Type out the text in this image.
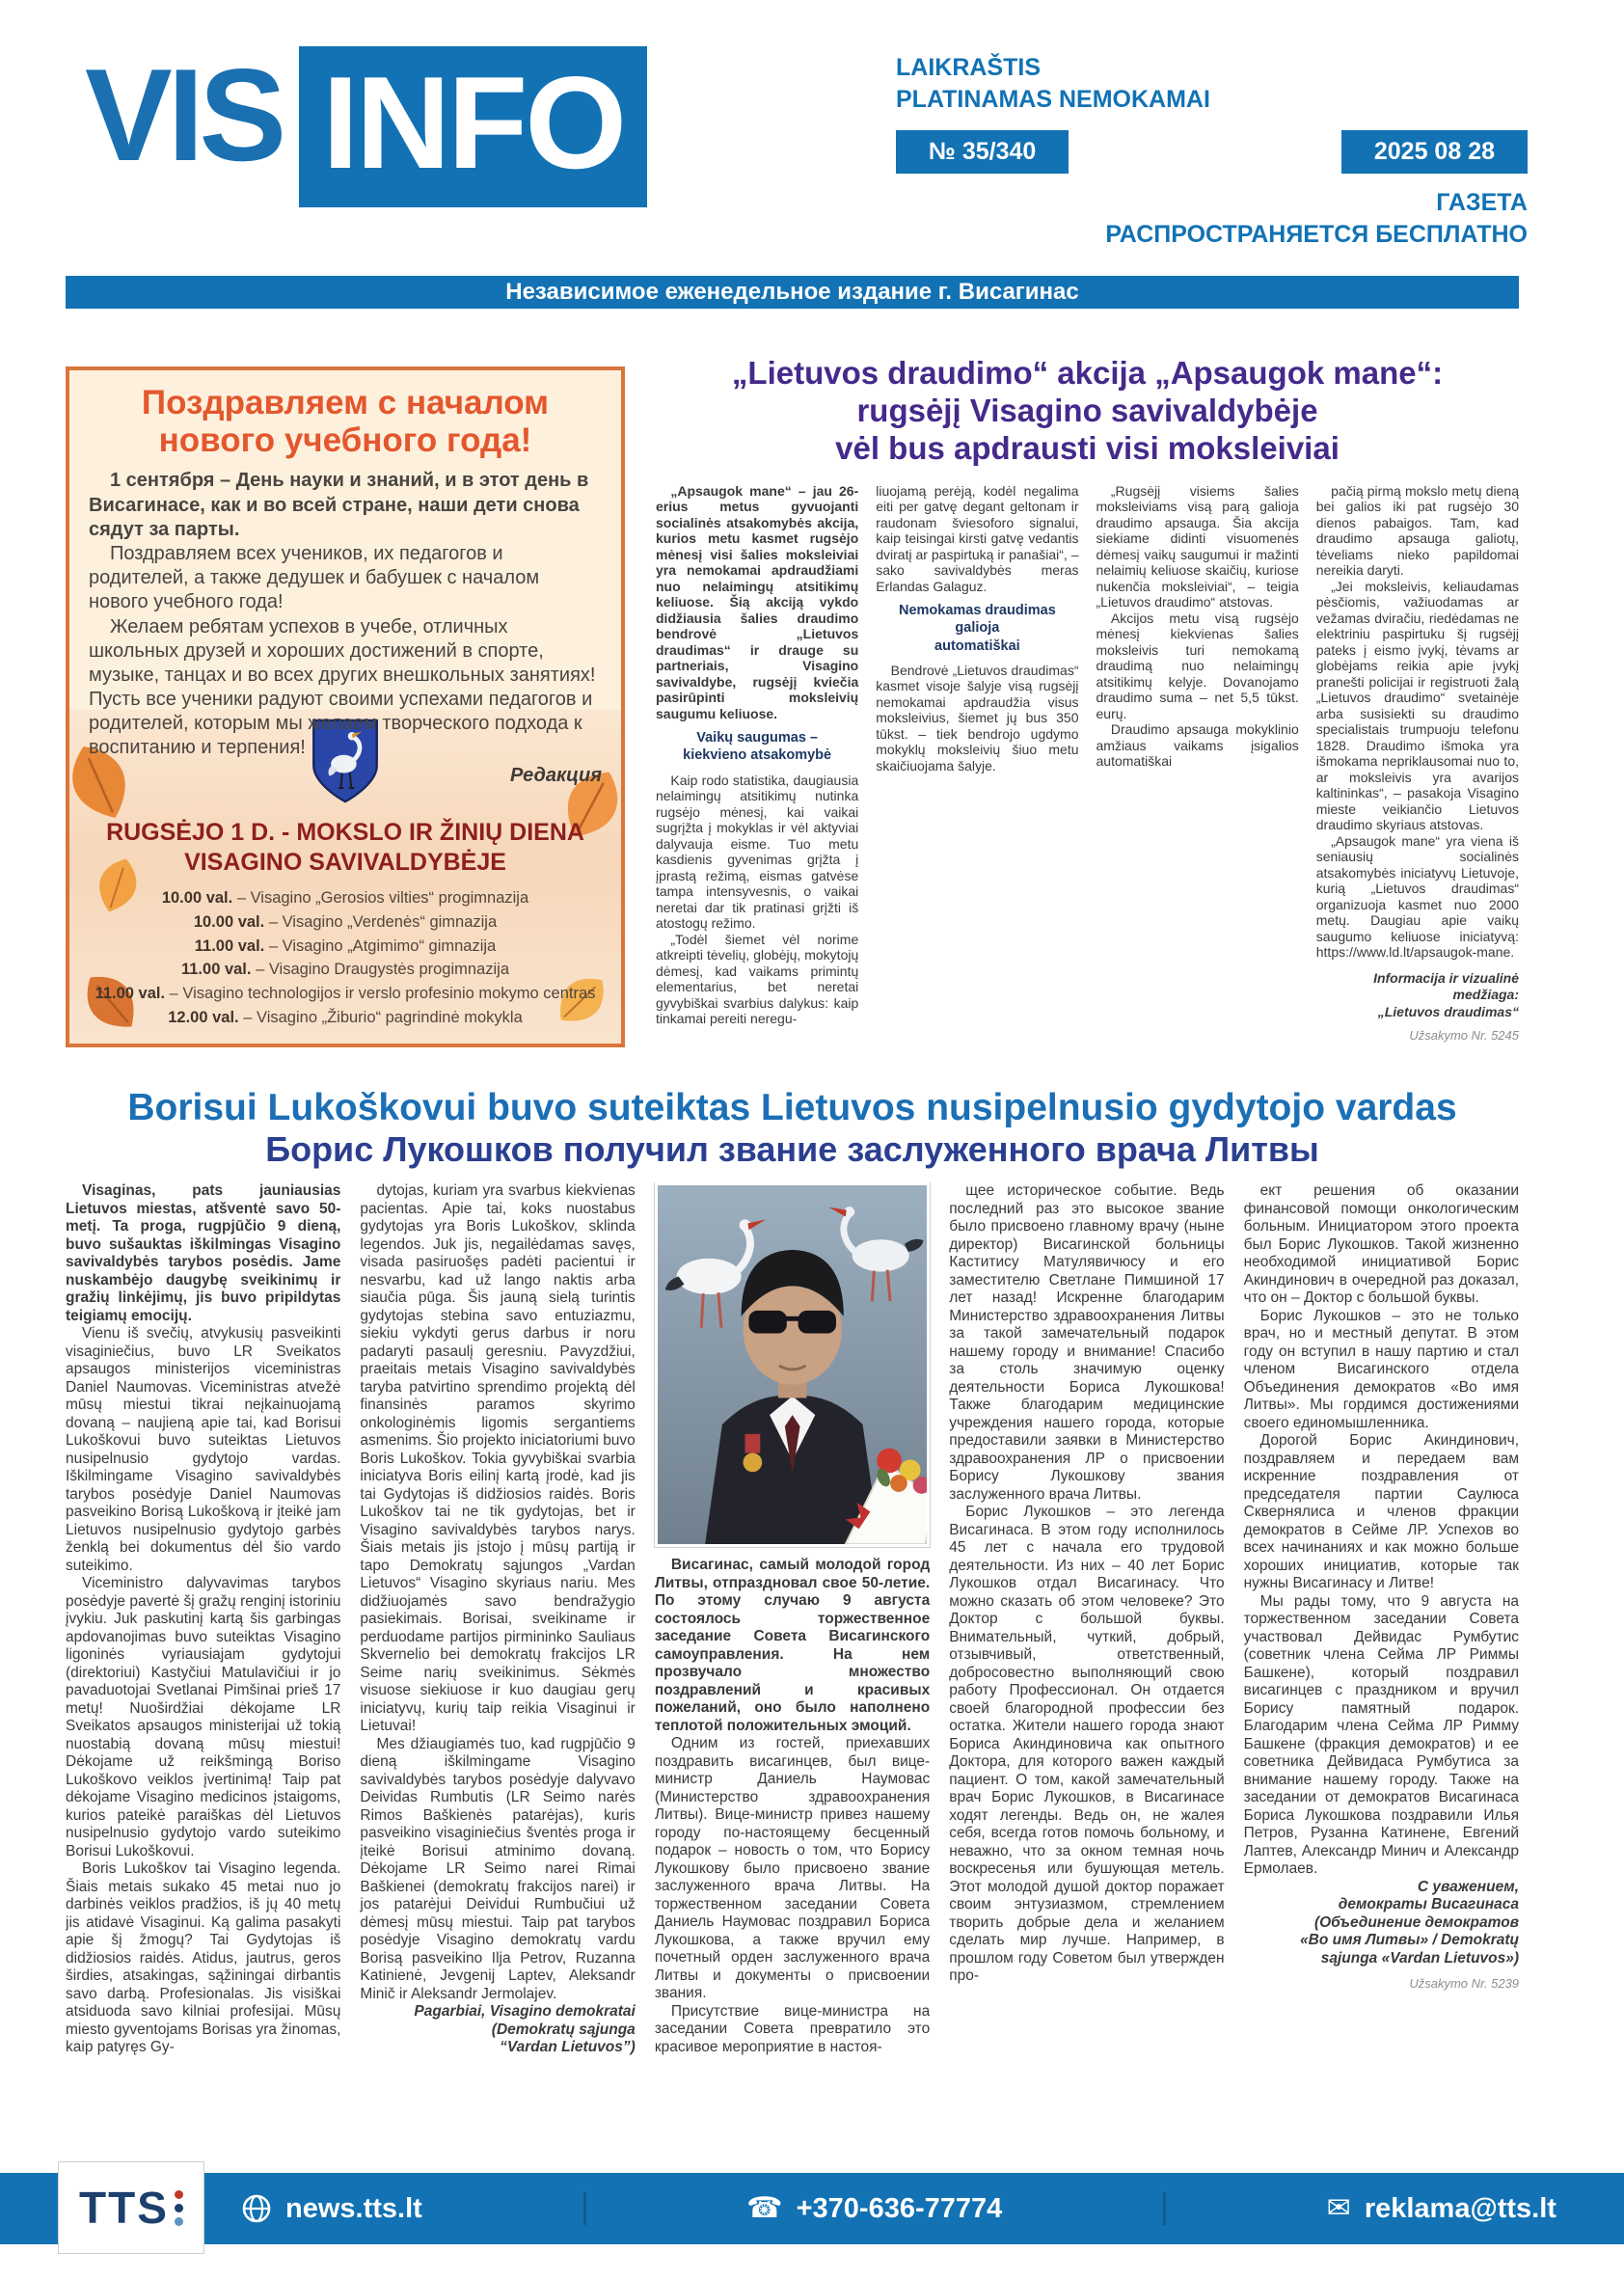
VIS INFO	LAIKRAŠTIS
PLATINAMAS NEMOKAMAI
№ 35/340	2025 08 28
ГАЗЕТА
РАСПРОСТРАНЯЕТСЯ БЕСПЛАТНО
Независимое еженедельное издание г. Висагинас
Поздравляем с началом
нового учебного года!

1 сентября – День науки и знаний, и в этот день в Висагинасе, как и во всей стране, наши дети снова сядут за парты.

Поздравляем всех учеников, их педагогов и родителей, а также дедушек и бабушек с началом нового учебного года!

Желаем ребятам успехов в учебе, отличных школьных друзей и хороших достижений в спорте, музыке, танцах и во всех других внешкольных занятиях! Пусть все ученики радуют своими успехами педагогов и родителей, которым мы желаем творческого подхода к воспитанию и терпения!

Редакция
RUGSĖJO 1 D. - MOKSLO IR ŽINIŲ DIENA
VISAGINO SAVIVALDYBĖJE
10.00 val. – Visagino „Gerosios vilties“ progimnazija
10.00 val. – Visagino „Verdenės“ gimnazija
11.00 val. – Visagino „Atgimimo“ gimnazija
11.00 val. – Visagino Draugystės progimnazija
11.00 val. – Visagino technologijos ir verslo profesinio mokymo centras
12.00 val. – Visagino „Žiburio“ pagrindinė mokykla
„Lietuvos draudimo“ akcija „Apsaugok mane“:
rugsėjį Visagino savivaldybėje
vėl bus apdrausti visi moksleiviai

„Apsaugok mane“ – jau 26-erius metus gyvuojanti socialinės atsakomybės akcija, kurios metu kasmet rugsėjo mėnesį visi šalies moksleiviai yra nemokamai apdraudžiami nuo nelaimingų atsitikimų keliuose. Šią akciją vykdo didžiausia šalies draudimo bendrovė „Lietuvos draudimas“ ir drauge su partneriais, Visagino savivaldybe, rugsėjį kviečia pasirūpinti moksleivių saugumu keliuose.

Vaikų saugumas –
kiekvieno atsakomybė

Kaip rodo statistika, daugiausia nelaimingų atsitikimų nutinka rugsėjo mėnesį, kai vaikai sugrįžta į mokyklas ir vėl aktyviai dalyvauja eisme. Tuo metu kasdienis gyvenimas grįžta į įprastą režimą, eismas gatvėse tampa intensyvesnis, o vaikai neretai dar tik pratinasi grįžti iš atostogų režimo.

„Todėl šiemet vėl norime atkreipti tėvelių, globėjų, mokytojų dėmesį, kad vaikams primintų elementarius, bet neretai gyvybiškai svarbius dalykus: kaip tinkamai pereiti neregu-

liuojamą perėją, kodėl negalima eiti per gatvę degant geltonam ir raudonam šviesoforo signalui, kaip teisingai kirsti gatvę vedantis dviratį ar paspirtuką ir panašiai“, – sako savivaldybės meras Erlandas Galaguz.

Nemokamas draudimas galioja
automatiškai

Bendrovė „Lietuvos draudimas“ kasmet visoje šalyje visą rugsėjį nemokamai apdraudžia visus moksleivius, šiemet jų bus 350 tūkst. – tiek bendrojo ugdymo mokyklų moksleivių šiuo metu skaičiuojama šalyje.

„Rugsėjį visiems šalies moksleiviams visą parą galioja draudimo apsauga. Šia akcija siekiame didinti visuomenės dėmesį vaikų saugumui ir mažinti nelaimių keliuose skaičių, kuriose nukenčia moksleiviai“, – teigia „Lietuvos draudimo“ atstovas.

Akcijos metu visą rugsėjo mėnesį kiekvienas šalies moksleivis turi nemokamą draudimą nuo nelaimingų atsitikimų kelyje. Dovanojamo draudimo suma – net 5,5 tūkst. eurų.

Draudimo apsauga mokyklinio amžiaus vaikams įsigalios automatiškai

pačią pirmą mokslo metų dieną bei galios iki pat rugsėjo 30 dienos pabaigos. Tam, kad draudimo apsauga galiotų, tėveliams nieko papildomai nereikia daryti.

„Jei moksleivis, keliaudamas pėsčiomis, važiuodamas ar vežamas dviračiu, riedėdamas ne elektriniu paspirtuku šį rugsėjį pateks į eismo įvykį, tėvams ar globėjams reikia apie įvykį pranešti policijai ir registruoti žalą „Lietuvos draudimo“ svetainėje arba susisiekti su draudimo specialistais trumpuoju telefonu 1828. Draudimo išmoka yra išmokama nepriklausomai nuo to, ar moksleivis yra avarijos kaltininkas“, – pasakoja Visagino mieste veikiančio Lietuvos draudimo skyriaus atstovas.

„Apsaugok mane“ yra viena iš seniausių socialinės atsakomybės iniciatyvų Lietuvoje, kurią „Lietuvos draudimas“ organizuoja kasmet nuo 2000 metų. Daugiau apie vaikų saugumo keliuose iniciatyvą: https://www.ld.lt/apsaugok-mane.

Informacija ir vizualinė medžiaga:
„Lietuvos draudimas“
Užsakymo Nr. 5245
Borisui Lukoškovui buvo suteiktas Lietuvos nusipelnusio gydytojo vardas
Борис Лукошков получил звание заслуженного врача Литвы

Visaginas, pats jauniausias Lietuvos miestas, atšventė savo 50-metį. Ta proga, rugpjūčio 9 dieną, buvo sušauktas iškilmingas Visagino savivaldybės tarybos posėdis. Jame nuskambėjo daugybę sveikinimų ir gražių linkėjimų, jis buvo pripildytas teigiamų emocijų.

Vienu iš svečių, atvykusių pasveikinti visaginiečius, buvo LR Sveikatos apsaugos ministerijos viceministras Daniel Naumovas. Viceministras atvežė mūsų miestui tikrai neįkainuojamą dovaną – naujieną apie tai, kad Borisui Lukoškovui buvo suteiktas Lietuvos nusipelnusio gydytojo vardas. Iškilmingame Visagino savivaldybės tarybos posėdyje Daniel Naumovas pasveikino Borisą Lukoškovą ir įteikė jam Lietuvos nusipelnusio gydytojo garbės ženklą bei dokumentus dėl šio vardo suteikimo.

Viceministro dalyvavimas tarybos posėdyje pavertė šį gražų renginį istoriniu įvykiu. Juk paskutinį kartą šis garbingas apdovanojimas buvo suteiktas Visagino ligoninės vyriausiajam gydytojui (direktoriui) Kastyčiui Matulavičiui ir jo pavaduotojai Svetlanai Pimšinai prieš 17 metų! Nuoširdžiai dėkojame LR Sveikatos apsaugos ministerijai už tokią nuostabią dovaną mūsų miestui! Dėkojame už reikšmingą Boriso Lukoškovo veiklos įvertinimą! Taip pat dėkojame Visagino medicinos įstaigoms, kurios pateikė paraiškas dėl Lietuvos nusipelnusio gydytojo vardo suteikimo Borisui Lukoškovui.

Boris Lukoškov tai Visagino legenda. Šiais metais sukako 45 metai nuo jo darbinės veiklos pradžios, iš jų 40 metų jis atidavė Visaginui. Ką galima pasakyti apie šį žmogų? Tai Gydytojas iš didžiosios raidės. Atidus, jautrus, geros širdies, atsakingas, sąžiningai dirbantis savo darbą. Profesionalas. Jis visiškai atsiduoda savo kilniai profesijai. Mūsų miesto gyventojams Borisas yra žinomas, kaip patyręs Gy-

dytojas, kuriam yra svarbus kiekvienas pacientas. Apie tai, koks nuostabus gydytojas yra Boris Lukoškov, sklinda legendos. Juk jis, negailėdamas savęs, visada pasiruošęs padėti pacientui ir nesvarbu, kad už lango naktis arba siaučia pūga. Šis jauną sielą turintis gydytojas stebina savo entuziazmu, siekiu vykdyti gerus darbus ir noru padaryti pasaulį geresniu. Pavyzdžiui, praeitais metais Visagino savivaldybės taryba patvirtino sprendimo projektą dėl finansinės paramos skyrimo onkologinėmis ligomis sergantiems asmenims. Šio projekto iniciatoriumi buvo Boris Lukoškov. Tokia gyvybiškai svarbia iniciatyva Boris eilinį kartą įrodė, kad jis tai Gydytojas iš didžiosios raidės. Boris Lukoškov tai ne tik gydytojas, bet ir Visagino savivaldybės tarybos narys. Šiais metais jis įstojo į mūsų partiją ir tapo Demokratų sąjungos „Vardan Lietuvos“ Visagino skyriaus nariu. Mes didžiuojamės savo bendražygio pasiekimais. Borisai, sveikiname ir perduodame partijos pirmininko Sauliaus Skvernelio bei demokratų frakcijos LR Seime narių sveikinimus. Sėkmės visuose siekiuose ir kuo daugiau gerų iniciatyvų, kurių taip reikia Visaginui ir Lietuvai!

Mes džiaugiamės tuo, kad rugpjūčio 9 dieną iškilmingame Visagino savivaldybės tarybos posėdyje dalyvavo Deividas Rumbutis (LR Seimo narės Rimos Baškienės patarėjas), kuris pasveikino visaginiečius šventės proga ir įteikė Borisui atminimo dovaną. Dėkojame LR Seimo narei Rimai Baškienei (demokratų frakcijos narei) ir jos patarėjui Deividui Rumbučiui už dėmesį mūsų miestui. Taip pat tarybos posėdyje Visagino demokratų vardu Borisą pasveikino Ilja Petrov, Ruzanna Katinienė, Jevgenij Laptev, Aleksandr Minič ir Aleksandr Jermolajev.

Pagarbiai, Visagino demokratai

(Demokratų sąjunga

“Vardan Lietuvos”)

Висагинас, самый молодой город Литвы, отпраздновал свое 50-летие. По этому случаю 9 августа состоялось торжественное заседание Совета Висагинского самоуправления. На нем прозвучало множество поздравлений и красивых пожеланий, оно было наполнено теплотой положительных эмоций.

Одним из гостей, приехавших поздравить висагинцев, был вице-министр Даниель Наумовас (Министерство здравоохранения Литвы). Вице-министр привез нашему городу по-настоящему бесценный подарок – новость о том, что Борису Лукошкову было присвоено звание заслуженного врача Литвы. На торжественном заседании Совета Даниель Наумовас поздравил Бориса Лукошкова, а также вручил ему почетный орден заслуженного врача Литвы и документы о присвоении звания.

Присутствие вице-министра на заседании Совета превратило это красивое мероприятие в настоя-

щее историческое событие. Ведь последний раз это высокое звание было присвоено главному врачу (ныне директор) Висагинской больницы Каститису Матулявичюсу и его заместителю Светлане Пимшиной 17 лет назад! Искренне благодарим Министерство здравоохранения Литвы за такой замечательный подарок нашему городу и внимание! Спасибо за столь значимую оценку деятельности Бориса Лукошкова! Также благодарим медицинские учреждения нашего города, которые предоставили заявки в Министерство здравоохранения ЛР о присвоении Борису Лукошкову звания заслуженного врача Литвы.

Борис Лукошков – это легенда Висагинаса. В этом году исполнилось 45 лет с начала его трудовой деятельности. Из них – 40 лет Борис Лукошков отдал Висагинасу. Что можно сказать об этом человеке? Это Доктор с большой буквы. Внимательный, чуткий, добрый, отзывчивый, ответственный, добросовестно выполняющий свою работу Профессионал. Он отдается своей благородной профессии без остатка. Жители нашего города знают Бориса Акиндиновича как опытного Доктора, для которого важен каждый пациент. О том, какой замечательный врач Борис Лукошков, в Висагинасе ходят легенды. Ведь он, не жалея себя, всегда готов помочь больному, и неважно, что за окном темная ночь воскресенья или бушующая метель. Этот молодой душой доктор поражает своим энтузиазмом, стремлением творить добрые дела и желанием сделать мир лучше. Например, в прошлом году Советом был утвержден про-

ект решения об оказании финансовой помощи онкологическим больным. Инициатором этого проекта был Борис Лукошков. Такой жизненно необходимой инициативой Борис Акиндинович в очередной раз доказал, что он – Доктор с большой буквы.

Борис Лукошков – это не только врач, но и местный депутат. В этом году он вступил в нашу партию и стал членом Висагинского отдела Объединения демократов «Во имя Литвы». Мы гордимся достижениями своего единомышленника.

Дорогой Борис Акиндинович, поздравляем и передаем вам искренние поздравления от председателя партии Саулюса Сквернялиса и членов фракции демократов в Сейме ЛР. Успехов во всех начинаниях и как можно больше хороших инициатив, которые так нужны Висагинасу и Литве!

Мы рады тому, что 9 августа на торжественном заседании Совета участвовал Дейвидас Румбутис (советник члена Сейма ЛР Риммы Башкене), который поздравил висагинцев с праздником и вручил Борису памятный подарок. Благодарим члена Сейма ЛР Римму Башкене (фракция демократов) и ее советника Дейвидаса Румбутиса за внимание нашему городу. Также на заседании от демократов Висагинаса Бориса Лукошкова поздравили Илья Петров, Рузанна Катинене, Евгений Лаптев, Александр Минич и Александр Ермолаев.

С уважением,

демократы Висагинаса

(Объединение демократов

«Во имя Литвы» / Demokratų

sąjunga «Vardan Lietuvos»)

Užsakymo Nr. 5239
TTS	news.tts.lt	☎ +370-636-77774	✉ reklama@tts.lt
